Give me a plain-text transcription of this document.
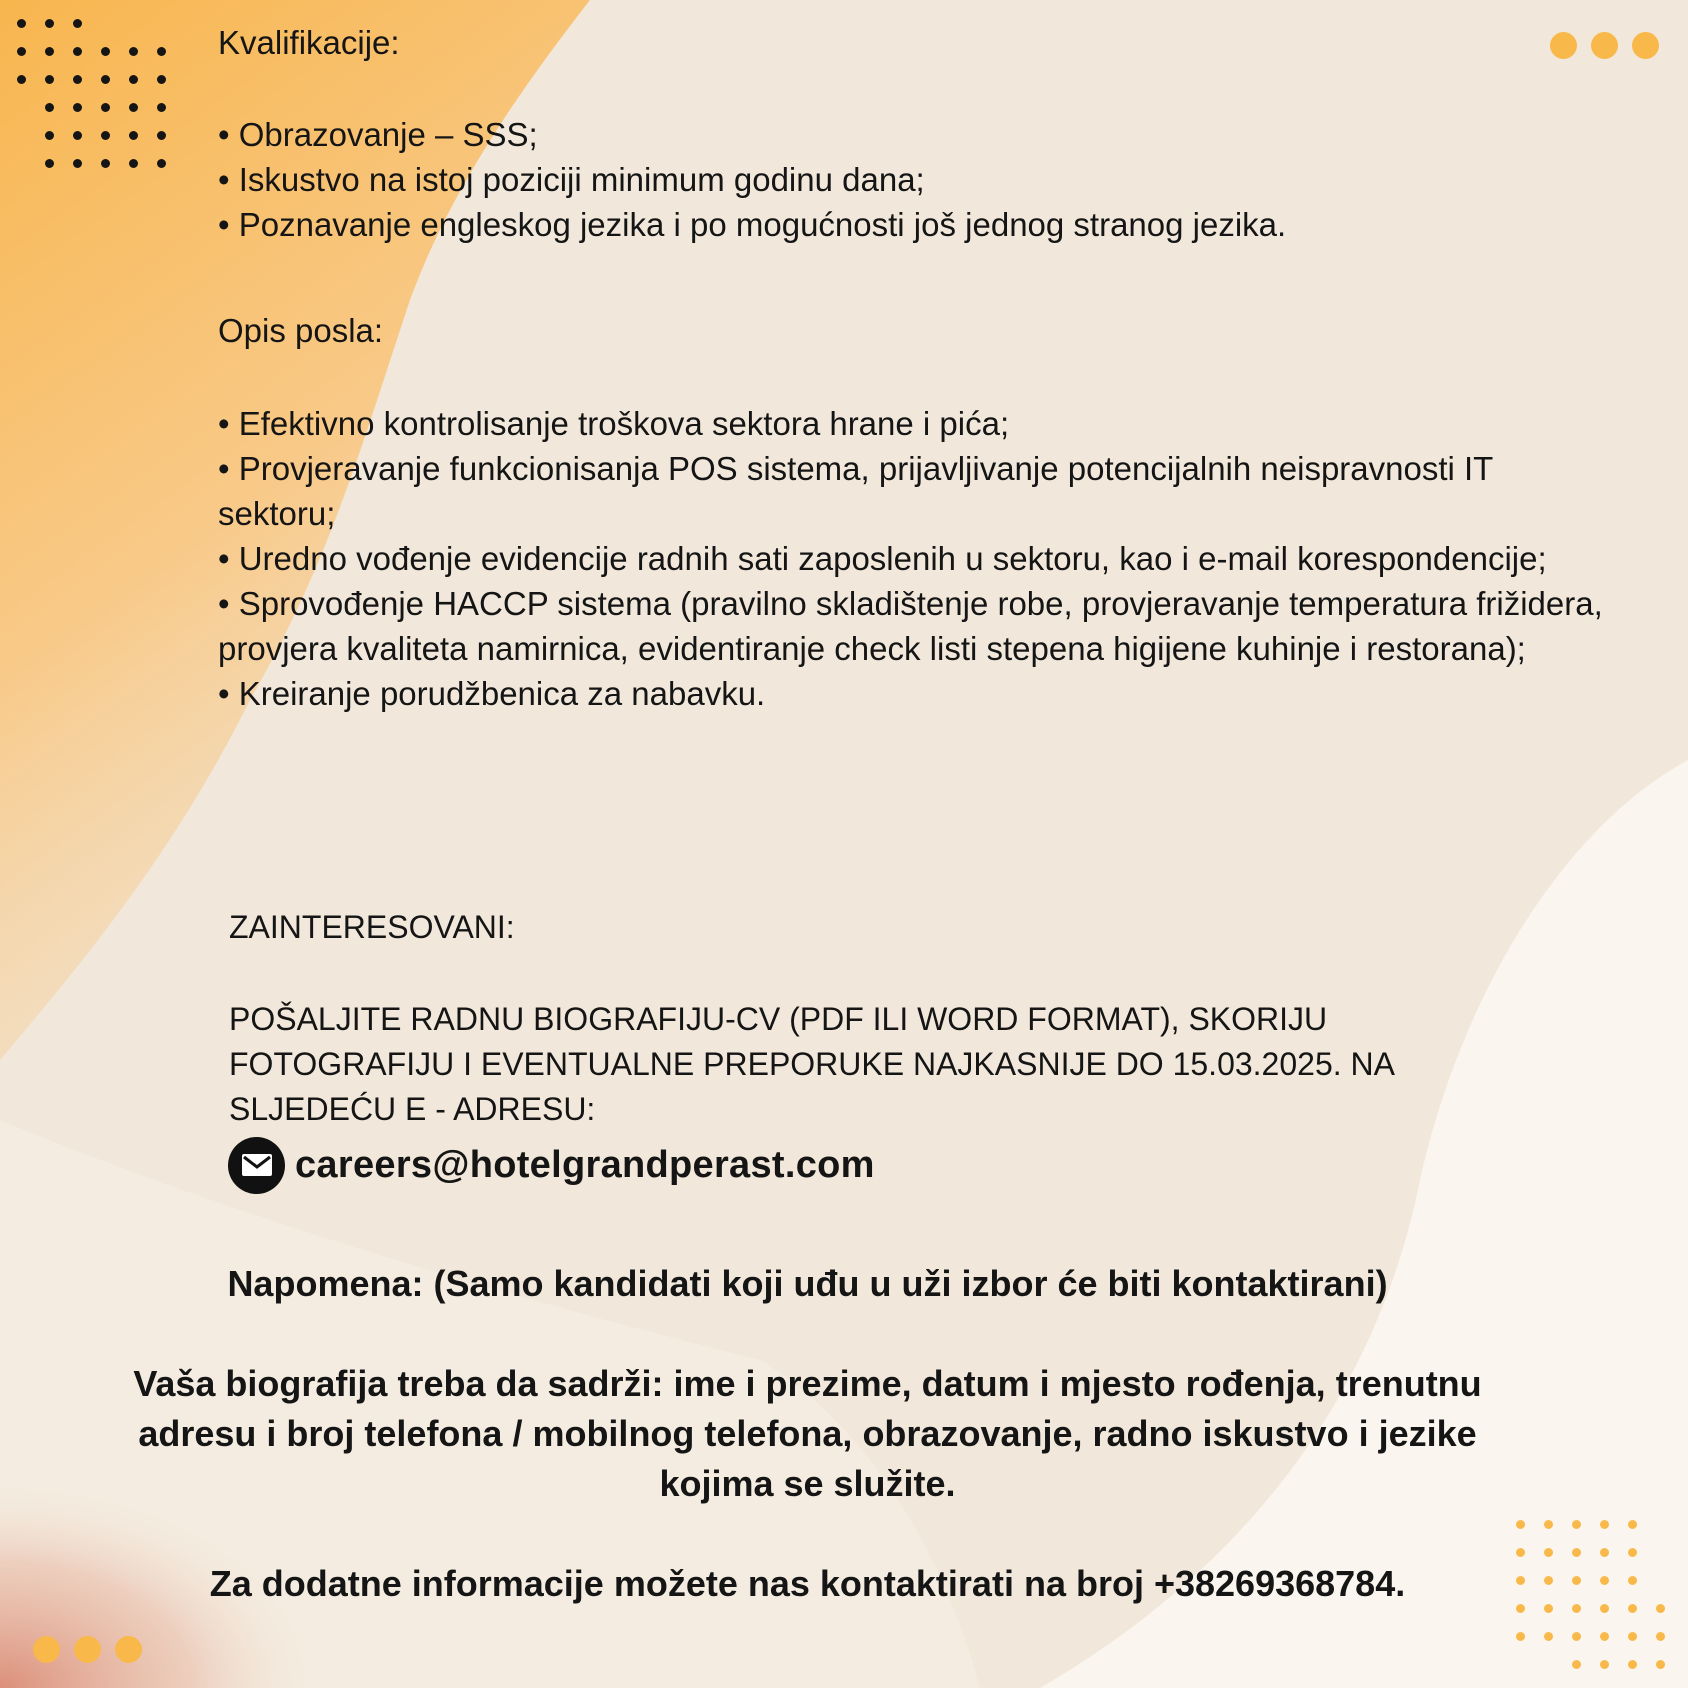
Kvalifikacije:
• Obrazovanje – SSS;
• Iskustvo na istoj poziciji minimum godinu dana;
• Poznavanje engleskog jezika i po mogućnosti još jednog stranog jezika.
Opis posla:
• Efektivno kontrolisanje troškova sektora hrane i pića;
• Provjeravanje funkcionisanja POS sistema, prijavljivanje potencijalnih neispravnosti IT sektoru;
• Uredno vođenje evidencije radnih sati zaposlenih u sektoru, kao i e-mail korespondencije;
• Sprovođenje HACCP sistema (pravilno skladištenje robe, provjeravanje temperatura frižidera, provjera kvaliteta namirnica, evidentiranje check listi stepena higijene kuhinje i restorana);
• Kreiranje porudžbenica za nabavku.
ZAINTERESOVANI:
POŠALJITE RADNU BIOGRAFIJU-CV (PDF ILI WORD FORMAT), SKORIJU
FOTOGRAFIJU I EVENTUALNE PREPORUKE NAJKASNIJE DO 15.03.2025. NA
SLJEDEĆU E - ADRESU:
careers@hotelgrandperast.com

Napomena: (Samo kandidati koji uđu u uži izbor će biti kontaktirani)

Vaša biografija treba da sadrži: ime i prezime, datum i mjesto rođenja, trenutnu adresu i broj telefona / mobilnog telefona, obrazovanje, radno iskustvo i jezike kojima se služite.

Za dodatne informacije možete nas kontaktirati na broj +38269368784.
